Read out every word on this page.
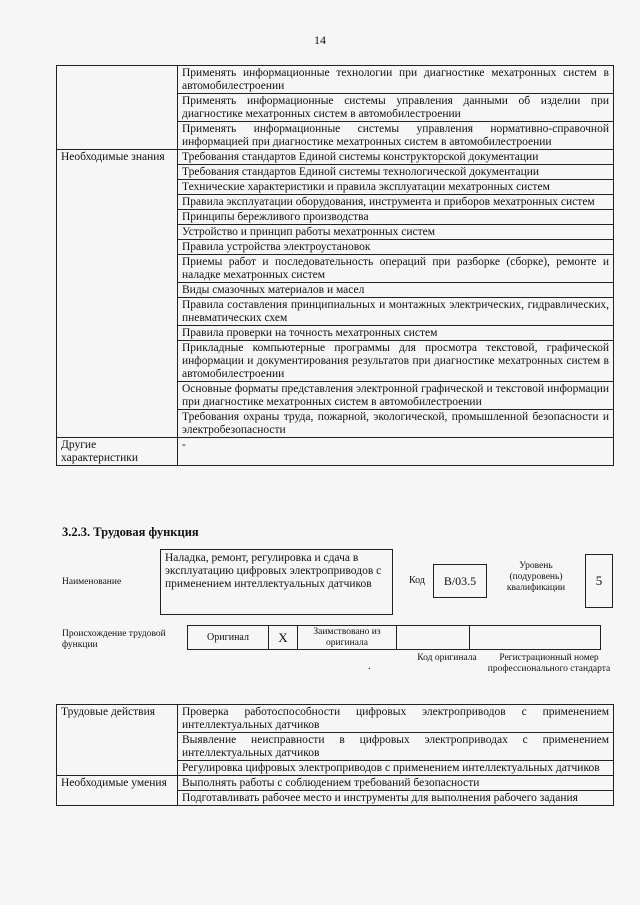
14
	Применять информационные технологии при диагностике мехатронных систем в автомобилестроении
	Применять информационные системы управления данными об изделии при диагностике мехатронных систем в автомобилестроении
	Применять информационные системы управления нормативно-справочной информацией при диагностике мехатронных систем в автомобилестроении
Необходимые знания	Требования стандартов Единой системы конструкторской документации
	Требования стандартов Единой системы технологической документации
	Технические характеристики и правила эксплуатации мехатронных систем
	Правила эксплуатации оборудования, инструмента и приборов мехатронных систем
	Принципы бережливого производства
	Устройство и принцип работы мехатронных систем
	Правила устройства электроустановок
	Приемы работ и последовательность операций при разборке (сборке), ремонте и наладке мехатронных систем
	Виды смазочных материалов и масел
	Правила составления принципиальных и монтажных электрических, гидравлических, пневматических схем
	Правила проверки на точность мехатронных систем
	Прикладные компьютерные программы для просмотра текстовой, графической информации и документирования результатов при диагностике мехатронных систем в автомобилестроении
	Основные форматы представления электронной графической и текстовой информации при диагностике мехатронных систем в автомобилестроении
	Требования охраны труда, пожарной, экологической, промышленной безопасности и электробезопасности
Другие характеристики	-
3.2.3. Трудовая функция
Наименование
Наладка, ремонт, регулировка и сдача в эксплуатацию цифровых электроприводов с применением интеллектуальных датчиков	Код	В/03.5
Уровень (подуровень) квалификации	5
Происхождение трудовой функции
Оригинал	X	Заимствовано из оригинала
.
Код оригинала	Регистрационный номер профессионального стандарта
Трудовые действия	Проверка работоспособности цифровых электроприводов с применением интеллектуальных датчиков
	Выявление неисправности в цифровых электроприводах с применением интеллектуальных датчиков
	Регулировка цифровых электроприводов с применением интеллектуальных датчиков
Необходимые умения	Выполнять работы с соблюдением требований безопасности
	Подготавливать рабочее место и инструменты для выполнения рабочего задания
